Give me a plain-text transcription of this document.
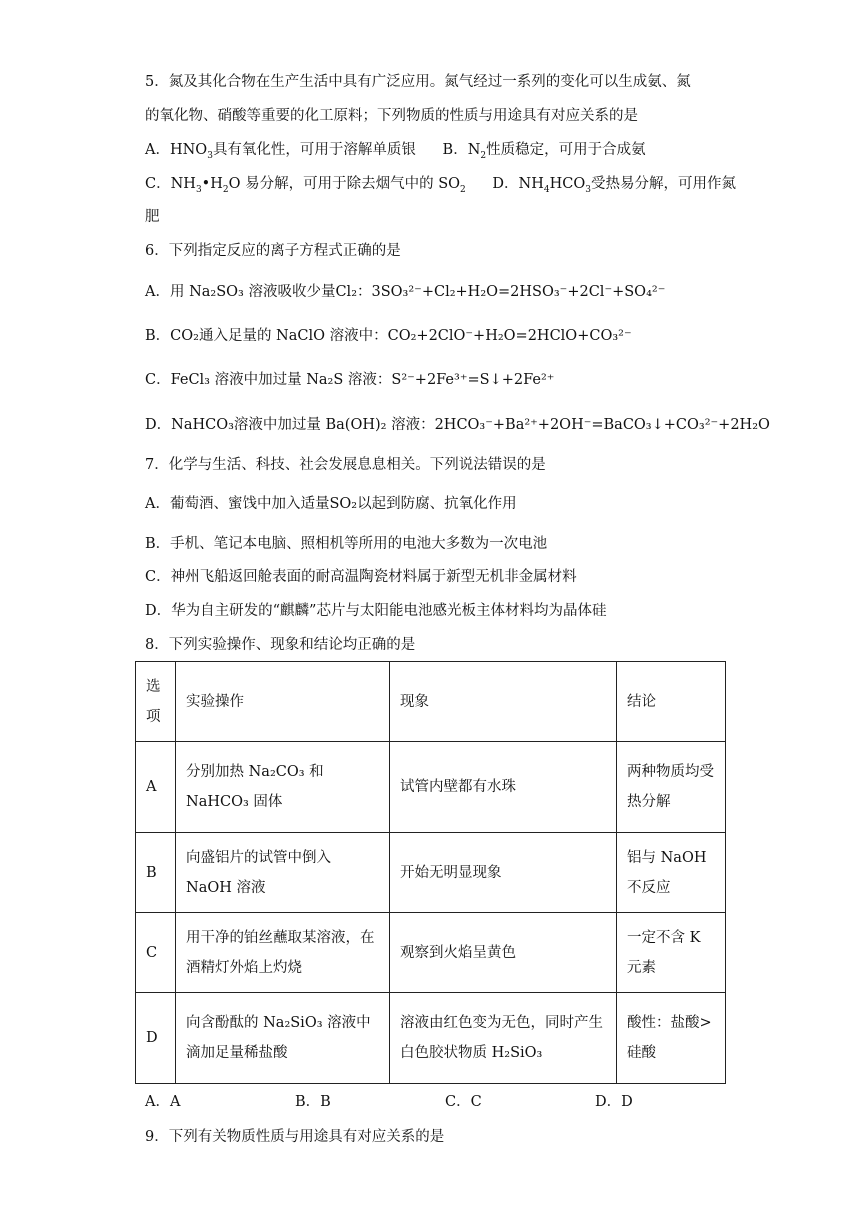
5．氮及其化合物在生产生活中具有广泛应用。氮气经过一系列的变化可以生成氨、氮
的氧化物、硝酸等重要的化工原料；下列物质的性质与用途具有对应关系的是
A．$HNO_3$具有氧化性，可用于溶解单质银 B．$N_2$性质稳定，可用于合成氨
C．$NH_3•H_2O$ 易分解，可用于除去烟气中的 $SO_2$ D．$NH_4HCO_3$受热易分解，可用作氮
肥
6．下列指定反应的离子方程式正确的是
A．用 Na₂SO₃ 溶液吸收少量Cl₂：3SO₃²⁻+Cl₂+H₂O=2HSO₃⁻+2Cl⁻+SO₄²⁻
B．CO₂通入足量的 NaClO 溶液中：CO₂+2ClO⁻+H₂O=2HClO+CO₃²⁻
C．FeCl₃ 溶液中加过量 Na₂S 溶液：S²⁻+2Fe³⁺=S↓+2Fe²⁺
D．NaHCO₃溶液中加过量 Ba(OH)₂ 溶液：2HCO₃⁻+Ba²⁺+2OH⁻=BaCO₃↓+CO₃²⁻+2H₂O
7．化学与生活、科技、社会发展息息相关。下列说法错误的是
A．葡萄酒、蜜饯中加入适量SO₂以起到防腐、抗氧化作用
B．手机、笔记本电脑、照相机等所用的电池大多数为一次电池
C．神州飞船返回舱表面的耐高温陶瓷材料属于新型无机非金属材料
D．华为自主研发的“麒麟”芯片与太阳能电池感光板主体材料均为晶体硅
8．下列实验操作、现象和结论均正确的是
选项	实验操作	现象	结论
A	分别加热 Na₂CO₃ 和 NaHCO₃ 固体	试管内壁都有水珠	两种物质均受热分解
B	向盛铝片的试管中倒入 NaOH 溶液	开始无明显现象	铝与 NaOH 不反应
C	用干净的铂丝蘸取某溶液，在酒精灯外焰上灼烧	观察到火焰呈黄色	一定不含 K 元素
D	向含酚酞的 Na₂SiO₃ 溶液中滴加足量稀盐酸	溶液由红色变为无色，同时产生白色胶状物质 H₂SiO₃	酸性：盐酸>硅酸
A．A	B．B	C．C	D．D
9．下列有关物质性质与用途具有对应关系的是
